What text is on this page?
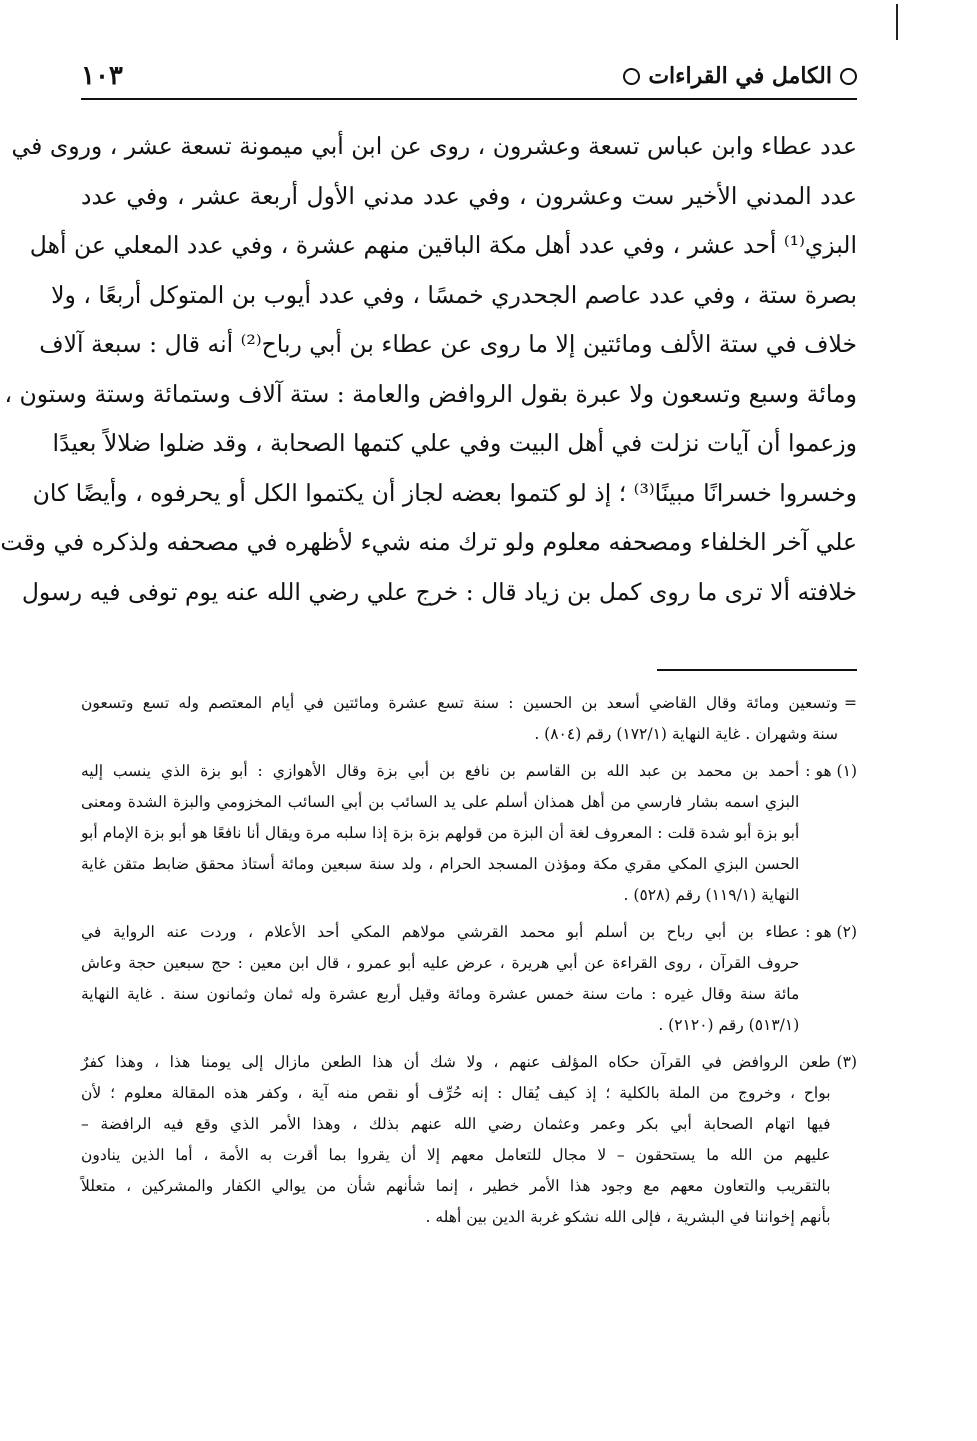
الكامل في القراءات
١٠٣
عدد عطاء وابن عباس تسعة وعشرون ، روى عن ابن أبي ميمونة تسعة عشر ، وروى في
عدد المدني الأخير ست وعشرون ، وفي عدد مدني الأول أربعة عشر ، وفي عدد
البزي⁽¹⁾ أحد عشر ، وفي عدد أهل مكة الباقين منهم عشرة ، وفي عدد المعلي عن أهل
بصرة ستة ، وفي عدد عاصم الجحدري خمسًا ، وفي عدد أيوب بن المتوكل أربعًا ، ولا
خلاف في ستة الألف ومائتين إلا ما روى عن عطاء بن أبي رباح⁽²⁾ أنه قال : سبعة آلاف
ومائة وسبع وتسعون ولا عبرة بقول الروافض والعامة : ستة آلاف وستمائة وستة وستون ،
وزعموا أن آيات نزلت في أهل البيت وفي علي كتمها الصحابة ، وقد ضلوا ضلالاً بعيدًا
وخسروا خسرانًا مبينًا⁽³⁾ ؛ إذ لو كتموا بعضه لجاز أن يكتموا الكل أو يحرفوه ، وأيضًا كان
علي آخر الخلفاء ومصحفه معلوم ولو ترك منه شيء لأظهره في مصحفه ولذكره في وقت
خلافته ألا ترى ما روى كمل بن زياد قال : خرج علي رضي الله عنه يوم توفى فيه رسول
=
وتسعين ومائة وقال القاضي أسعد بن الحسين : سنة تسع عشرة ومائتين في أيام المعتصم وله تسع وتسعون
سنة وشهران . غاية النهاية (١٧٢/١) رقم (٨٠٤) .
(١) هو :
أحمد بن محمد بن عبد الله بن القاسم بن نافع بن أبي بزة وقال الأهوازي : أبو بزة الذي ينسب إليه
البزي اسمه بشار فارسي من أهل همذان أسلم على يد السائب بن أبي السائب المخزومي والبزة الشدة ومعنى
أبو بزة أبو شدة قلت : المعروف لغة أن البزة من قولهم بزة بزة إذا سلبه مرة ويقال أنا نافعًا هو أبو بزة الإمام أبو
الحسن البزي المكي مقري مكة ومؤذن المسجد الحرام ، ولد سنة سبعين ومائة أستاذ محقق ضابط متقن غاية
النهاية (١١٩/١) رقم (٥٢٨) .
(٢) هو :
عطاء بن أبي رباح بن أسلم أبو محمد القرشي مولاهم المكي أحد الأعلام ، وردت عنه الرواية في
حروف القرآن ، روى القراءة عن أبي هريرة ، عرض عليه أبو عمرو ، قال ابن معين : حج سبعين حجة وعاش
مائة سنة وقال غيره : مات سنة خمس عشرة ومائة وقيل أربع عشرة وله ثمان وثمانون سنة . غاية النهاية
(٥١٣/١) رقم (٢١٢٠) .
(٣)
طعن الروافض في القرآن حكاه المؤلف عنهم ، ولا شك أن هذا الطعن مازال إلى يومنا هذا ، وهذا كفرٌ
بواح ، وخروج من الملة بالكلية ؛ إذ كيف يُقال : إنه حُرِّف أو نقص منه آية ، وكفر هذه المقالة معلوم ؛ لأن
فيها اتهام الصحابة أبي بكر وعمر وعثمان رضي الله عنهم بذلك ، وهذا الأمر الذي وقع فيه الرافضة –
عليهم من الله ما يستحقون – لا مجال للتعامل معهم إلا أن يقروا بما أقرت به الأمة ، أما الذين ينادون
بالتقريب والتعاون معهم مع وجود هذا الأمر خطير ، إنما شأنهم شأن من يوالي الكفار والمشركين ، متعللاً
بأنهم إخواننا في البشرية ، فإلى الله نشكو غربة الدين بين أهله .
